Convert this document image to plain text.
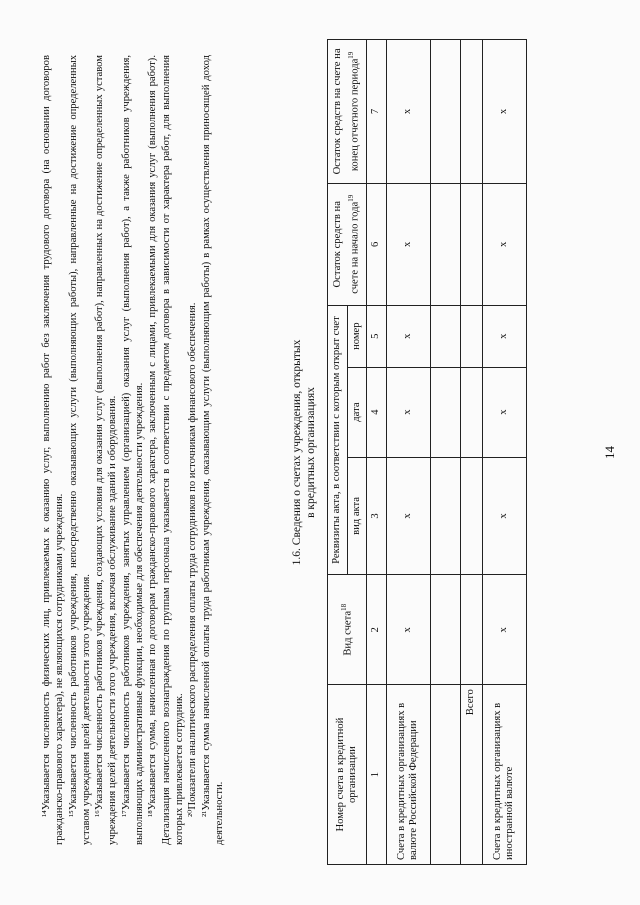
14

¹⁴Указывается численность физических лиц, привлекаемых к оказанию услуг, выполнению работ без заключения трудового договора (на основании договоров гражданско-правового характера), не являющихся сотрудниками учреждения. ¹⁵Указывается численность работников учреждения, непосредственно оказывающих услуги (выполняющих работы), направленные на достижение определенных уставом учреждения целей деятельности этого учреждения. ¹⁶Указывается численность работников учреждения, создающих условия для оказания услуг (выполнения работ), направленных на достижение определенных уставом учреждения целей деятельности этого учреждения, включая обслуживание зданий и оборудования. ¹⁷Указывается численность работников учреждения, занятых управлением (организацией) оказания услуг (выполнения работ), а также работников учреждения, выполняющих административные функции, необходимые для обеспечения деятельности учреждения. ¹⁸Указывается сумма, начисленная по договорам гражданско-правового характера, заключенным с лицами, привлекаемыми для оказания услуг (выполнения работ). Детализация начисленного вознаграждения по группам персонала указывается в соответствии с предметом договора в зависимости от характера работ, для выполнения которых привлекается сотрудник. ²⁰Показатели аналитического распределения оплаты труда сотрудников по источникам финансового обеспечения. ²¹Указывается сумма начисленной оплаты труда работникам учреждения, оказывающим услуги (выполняющим работы) в рамках осуществления приносящей доход деятельности.

1.6. Сведения о счетах учреждения, открытых в кредитных организациях
Номер счета в кредитной организации	Вид счета$^{18}$	Реквизиты акта, в соответствии с которым открыт счет			Остаток средств на счете на начало года$^{19}$	Остаток средств на счете на конец отчетного периода$^{19}$
		вид акта	дата	номер		
1	2	3	4	5	6	7
Счета в кредитных организациях в валюте Российской Федерации	x	x	x	x	x	x

Всего						
Счета в кредитных организациях в иностранной валюте	x	x	x	x	x	x
